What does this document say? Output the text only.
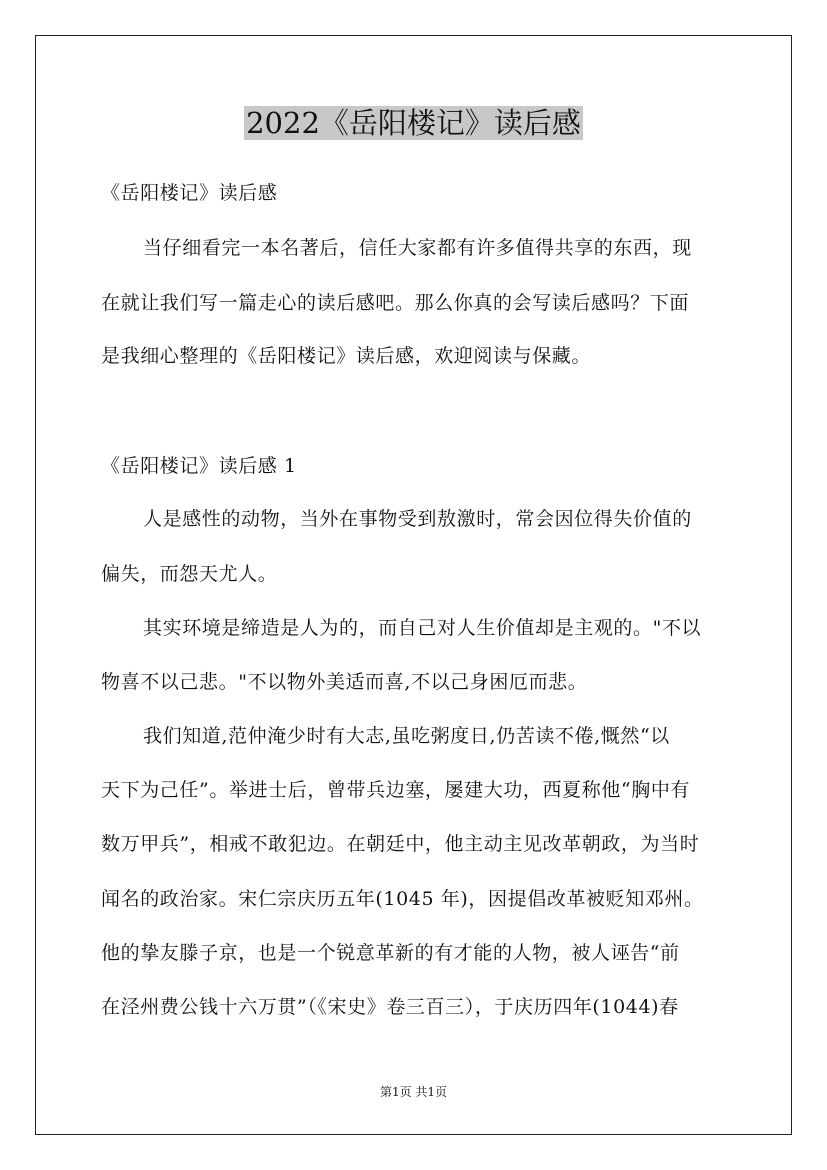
2022《岳阳楼记》读后感
《岳阳楼记》读后感
当仔细看完一本名著后，信任大家都有许多值得共享的东西，现
在就让我们写一篇走心的读后感吧。那么你真的会写读后感吗？下面
是我细心整理的《岳阳楼记》读后感，欢迎阅读与保藏。
《岳阳楼记》读后感 1
人是感性的动物，当外在事物受到敖激时，常会因位得失价值的
偏失，而怨天尤人。
其实环境是缔造是人为的，而自己对人生价值却是主观的。"不以
物喜不以己悲。"不以物外美适而喜,不以己身困厄而悲。
我们知道,范仲淹少时有大志,虽吃粥度日,仍苦读不倦,慨然“以
天下为己任”。举进士后，曾带兵边塞，屡建大功，西夏称他“胸中有
数万甲兵”，相戒不敢犯边。在朝廷中，他主动主见改革朝政，为当时
闻名的政治家。宋仁宗庆历五年(1045 年)，因提倡改革被贬知邓州。
他的挚友滕子京，也是一个锐意革新的有才能的人物，被人诬告“前
在泾州费公钱十六万贯”（《宋史》卷三百三），于庆历四年(1044)春
第1页 共1页
